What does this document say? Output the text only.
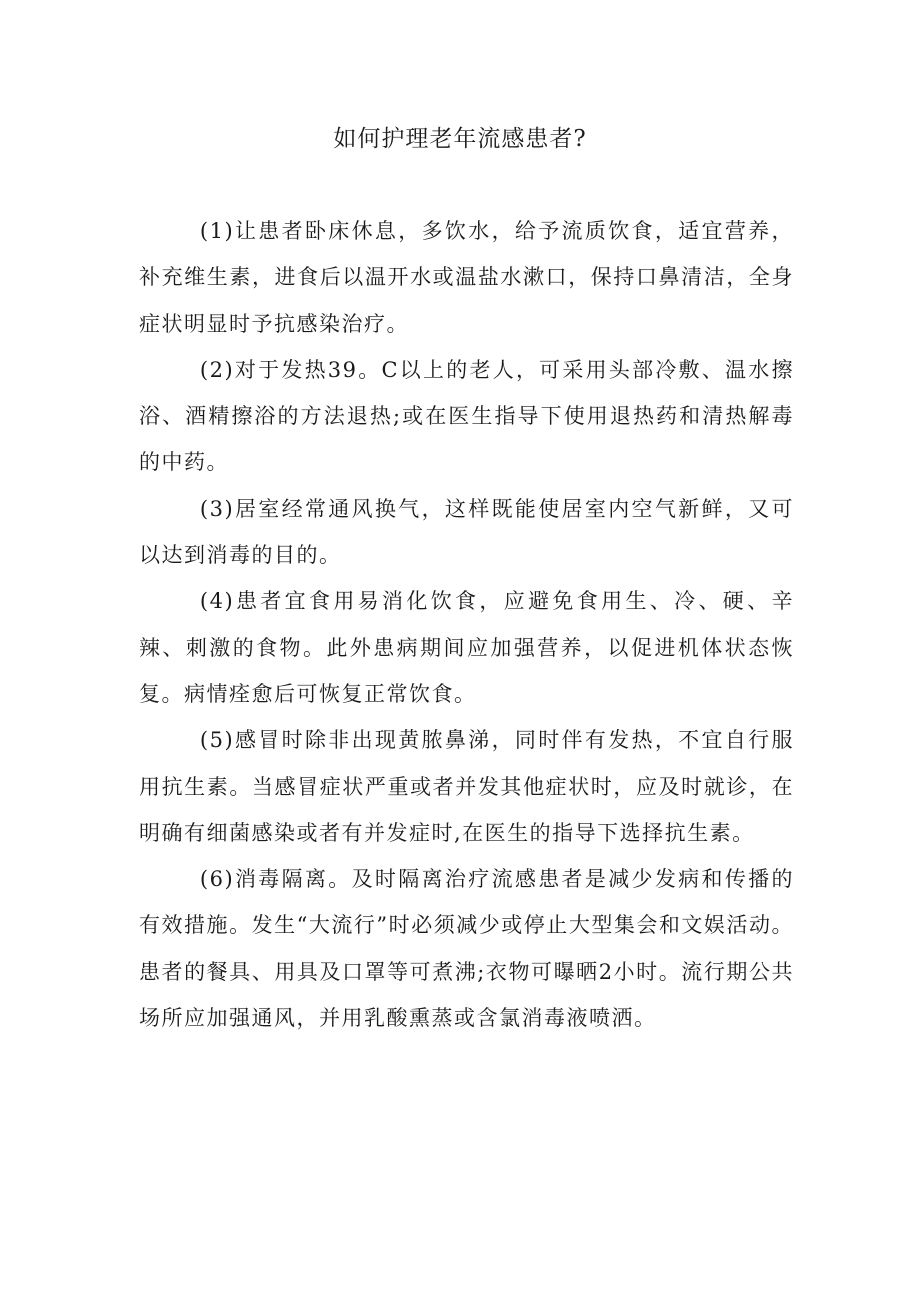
如何护理老年流感患者?

(1)让患者卧床休息，多饮水，给予流质饮食，适宜营养，补充维生素，进食后以温开水或温盐水漱口，保持口鼻清洁，全身症状明显时予抗感染治疗。

(2)对于发热39。C以上的老人，可采用头部冷敷、温水擦浴、酒精擦浴的方法退热;或在医生指导下使用退热药和清热解毒的中药。

(3)居室经常通风换气，这样既能使居室内空气新鲜，又可以达到消毒的目的。

(4)患者宜食用易消化饮食，应避免食用生、冷、硬、辛辣、刺激的食物。此外患病期间应加强营养，以促进机体状态恢复。病情痊愈后可恢复正常饮食。

(5)感冒时除非出现黄脓鼻涕，同时伴有发热，不宜自行服用抗生素。当感冒症状严重或者并发其他症状时，应及时就诊，在明确有细菌感染或者有并发症时,在医生的指导下选择抗生素。

(6)消毒隔离。及时隔离治疗流感患者是减少发病和传播的有效措施。发生“大流行”时必须减少或停止大型集会和文娱活动。患者的餐具、用具及口罩等可煮沸;衣物可曝晒2小时。流行期公共场所应加强通风，并用乳酸熏蒸或含氯消毒液喷洒。
